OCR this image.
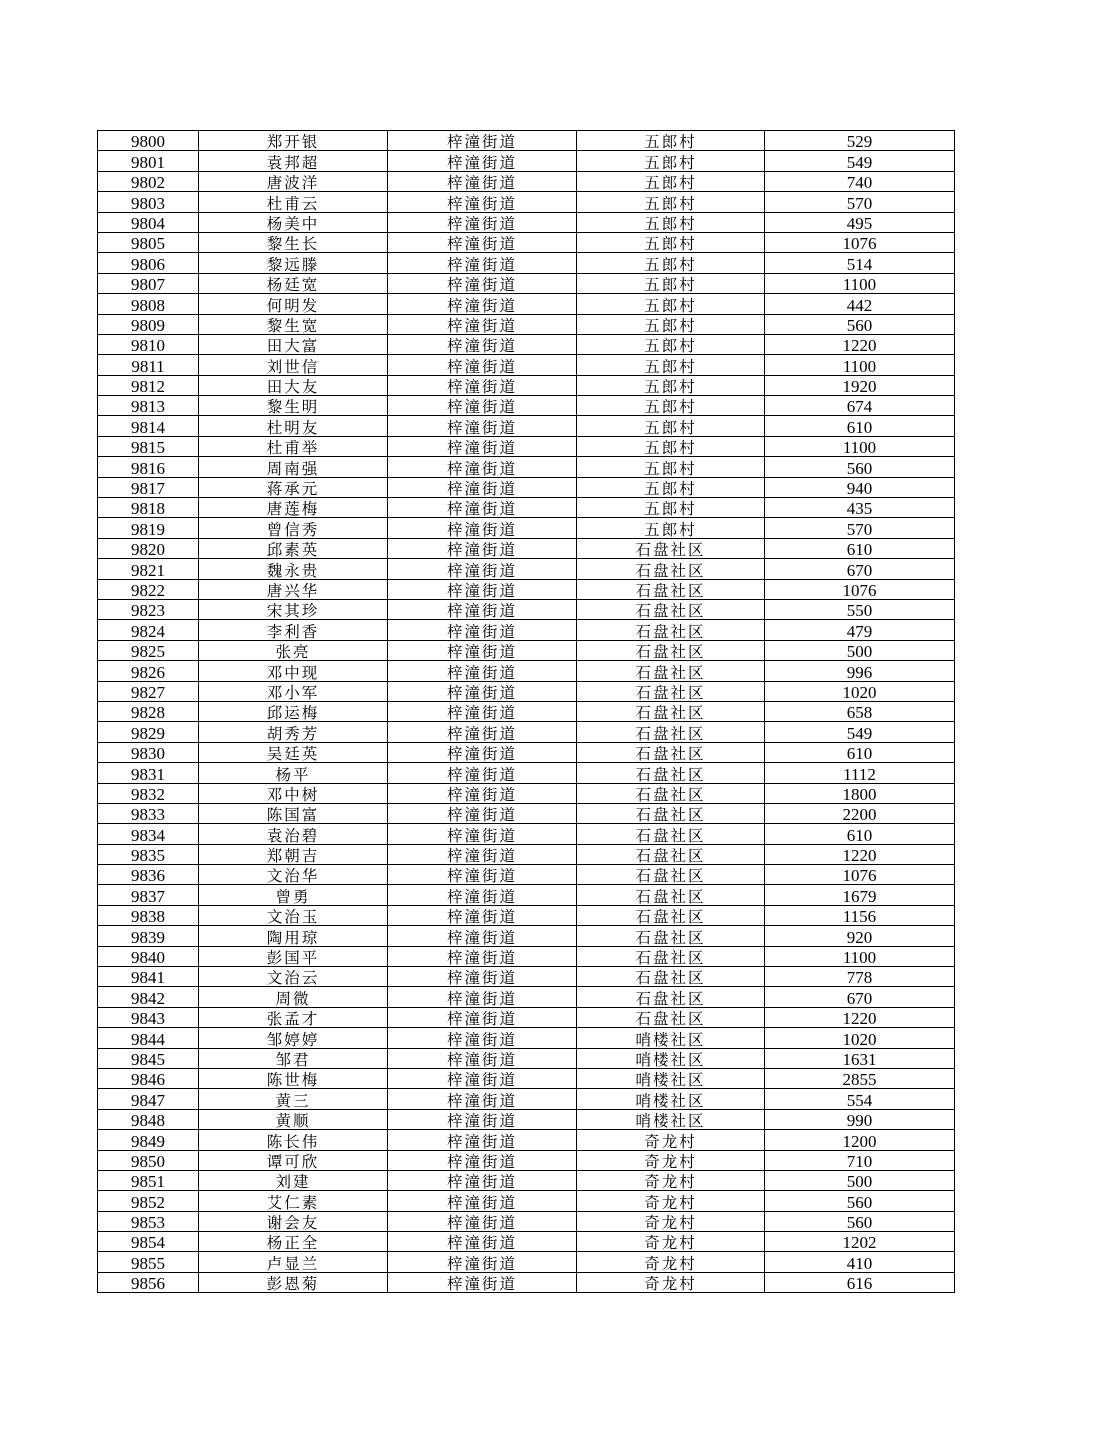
9800	郑开银	梓潼街道	五郎村	529
9801	袁邦超	梓潼街道	五郎村	549
9802	唐波洋	梓潼街道	五郎村	740
9803	杜甫云	梓潼街道	五郎村	570
9804	杨美中	梓潼街道	五郎村	495
9805	黎生长	梓潼街道	五郎村	1076
9806	黎远滕	梓潼街道	五郎村	514
9807	杨廷宽	梓潼街道	五郎村	1100
9808	何明发	梓潼街道	五郎村	442
9809	黎生宽	梓潼街道	五郎村	560
9810	田大富	梓潼街道	五郎村	1220
9811	刘世信	梓潼街道	五郎村	1100
9812	田大友	梓潼街道	五郎村	1920
9813	黎生明	梓潼街道	五郎村	674
9814	杜明友	梓潼街道	五郎村	610
9815	杜甫举	梓潼街道	五郎村	1100
9816	周南强	梓潼街道	五郎村	560
9817	蒋承元	梓潼街道	五郎村	940
9818	唐莲梅	梓潼街道	五郎村	435
9819	曾信秀	梓潼街道	五郎村	570
9820	邱素英	梓潼街道	石盘社区	610
9821	魏永贵	梓潼街道	石盘社区	670
9822	唐兴华	梓潼街道	石盘社区	1076
9823	宋其珍	梓潼街道	石盘社区	550
9824	李利香	梓潼街道	石盘社区	479
9825	张亮	梓潼街道	石盘社区	500
9826	邓中现	梓潼街道	石盘社区	996
9827	邓小军	梓潼街道	石盘社区	1020
9828	邱运梅	梓潼街道	石盘社区	658
9829	胡秀芳	梓潼街道	石盘社区	549
9830	吴廷英	梓潼街道	石盘社区	610
9831	杨平	梓潼街道	石盘社区	1112
9832	邓中树	梓潼街道	石盘社区	1800
9833	陈国富	梓潼街道	石盘社区	2200
9834	袁治碧	梓潼街道	石盘社区	610
9835	郑朝吉	梓潼街道	石盘社区	1220
9836	文治华	梓潼街道	石盘社区	1076
9837	曾勇	梓潼街道	石盘社区	1679
9838	文治玉	梓潼街道	石盘社区	1156
9839	陶用琼	梓潼街道	石盘社区	920
9840	彭国平	梓潼街道	石盘社区	1100
9841	文治云	梓潼街道	石盘社区	778
9842	周微	梓潼街道	石盘社区	670
9843	张孟才	梓潼街道	石盘社区	1220
9844	邹婷婷	梓潼街道	哨楼社区	1020
9845	邹君	梓潼街道	哨楼社区	1631
9846	陈世梅	梓潼街道	哨楼社区	2855
9847	黄三	梓潼街道	哨楼社区	554
9848	黄顺	梓潼街道	哨楼社区	990
9849	陈长伟	梓潼街道	奇龙村	1200
9850	谭可欣	梓潼街道	奇龙村	710
9851	刘建	梓潼街道	奇龙村	500
9852	艾仁素	梓潼街道	奇龙村	560
9853	谢会友	梓潼街道	奇龙村	560
9854	杨正全	梓潼街道	奇龙村	1202
9855	卢显兰	梓潼街道	奇龙村	410
9856	彭恩菊	梓潼街道	奇龙村	616
